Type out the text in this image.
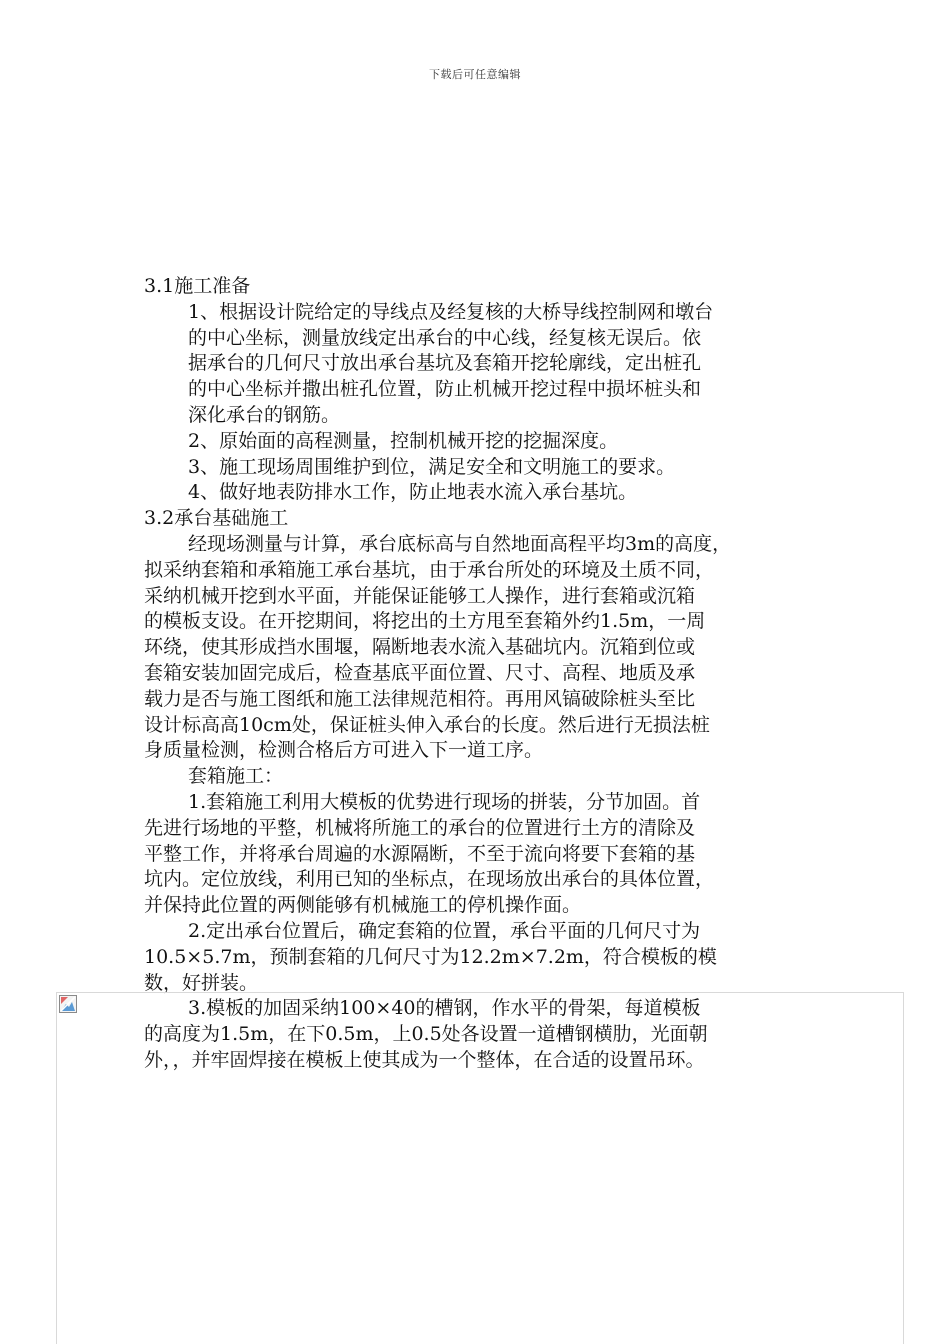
下载后可任意编辑
3.1施工准备
1、根据设计院给定的导线点及经复核的大桥导线控制网和墩台
的中心坐标，测量放线定出承台的中心线，经复核无误后。依
据承台的几何尺寸放出承台基坑及套箱开挖轮廓线，定出桩孔
的中心坐标并撒出桩孔位置，防止机械开挖过程中损坏桩头和
深化承台的钢筋。
2、原始面的高程测量，控制机械开挖的挖掘深度。
3、施工现场周围维护到位，满足安全和文明施工的要求。
4、做好地表防排水工作，防止地表水流入承台基坑。
3.2承台基础施工
经现场测量与计算，承台底标高与自然地面高程平均3m的高度，
拟采纳套箱和承箱施工承台基坑，由于承台所处的环境及土质不同，
采纳机械开挖到水平面，并能保证能够工人操作，进行套箱或沉箱
的模板支设。在开挖期间，将挖出的土方甩至套箱外约1.5m，一周
环绕，使其形成挡水围堰，隔断地表水流入基础坑内。沉箱到位或
套箱安装加固完成后，检查基底平面位置、尺寸、高程、地质及承
载力是否与施工图纸和施工法律规范相符。再用风镐破除桩头至比
设计标高高10cm处，保证桩头伸入承台的长度。然后进行无损法桩
身质量检测，检测合格后方可进入下一道工序。
套箱施工：
1.套箱施工利用大模板的优势进行现场的拼装，分节加固。首
先进行场地的平整，机械将所施工的承台的位置进行土方的清除及
平整工作，并将承台周遍的水源隔断，不至于流向将要下套箱的基
坑内。定位放线，利用已知的坐标点，在现场放出承台的具体位置，
并保持此位置的两侧能够有机械施工的停机操作面。
2.定出承台位置后，确定套箱的位置，承台平面的几何尺寸为
10.5×5.7m，预制套箱的几何尺寸为12.2m×7.2m，符合模板的模
数，好拼装。
3.模板的加固采纳100×40的槽钢，作水平的骨架，每道模板
的高度为1.5m，在下0.5m，上0.5处各设置一道槽钢横肋，光面朝
外，，并牢固焊接在模板上使其成为一个整体，在合适的设置吊环。
